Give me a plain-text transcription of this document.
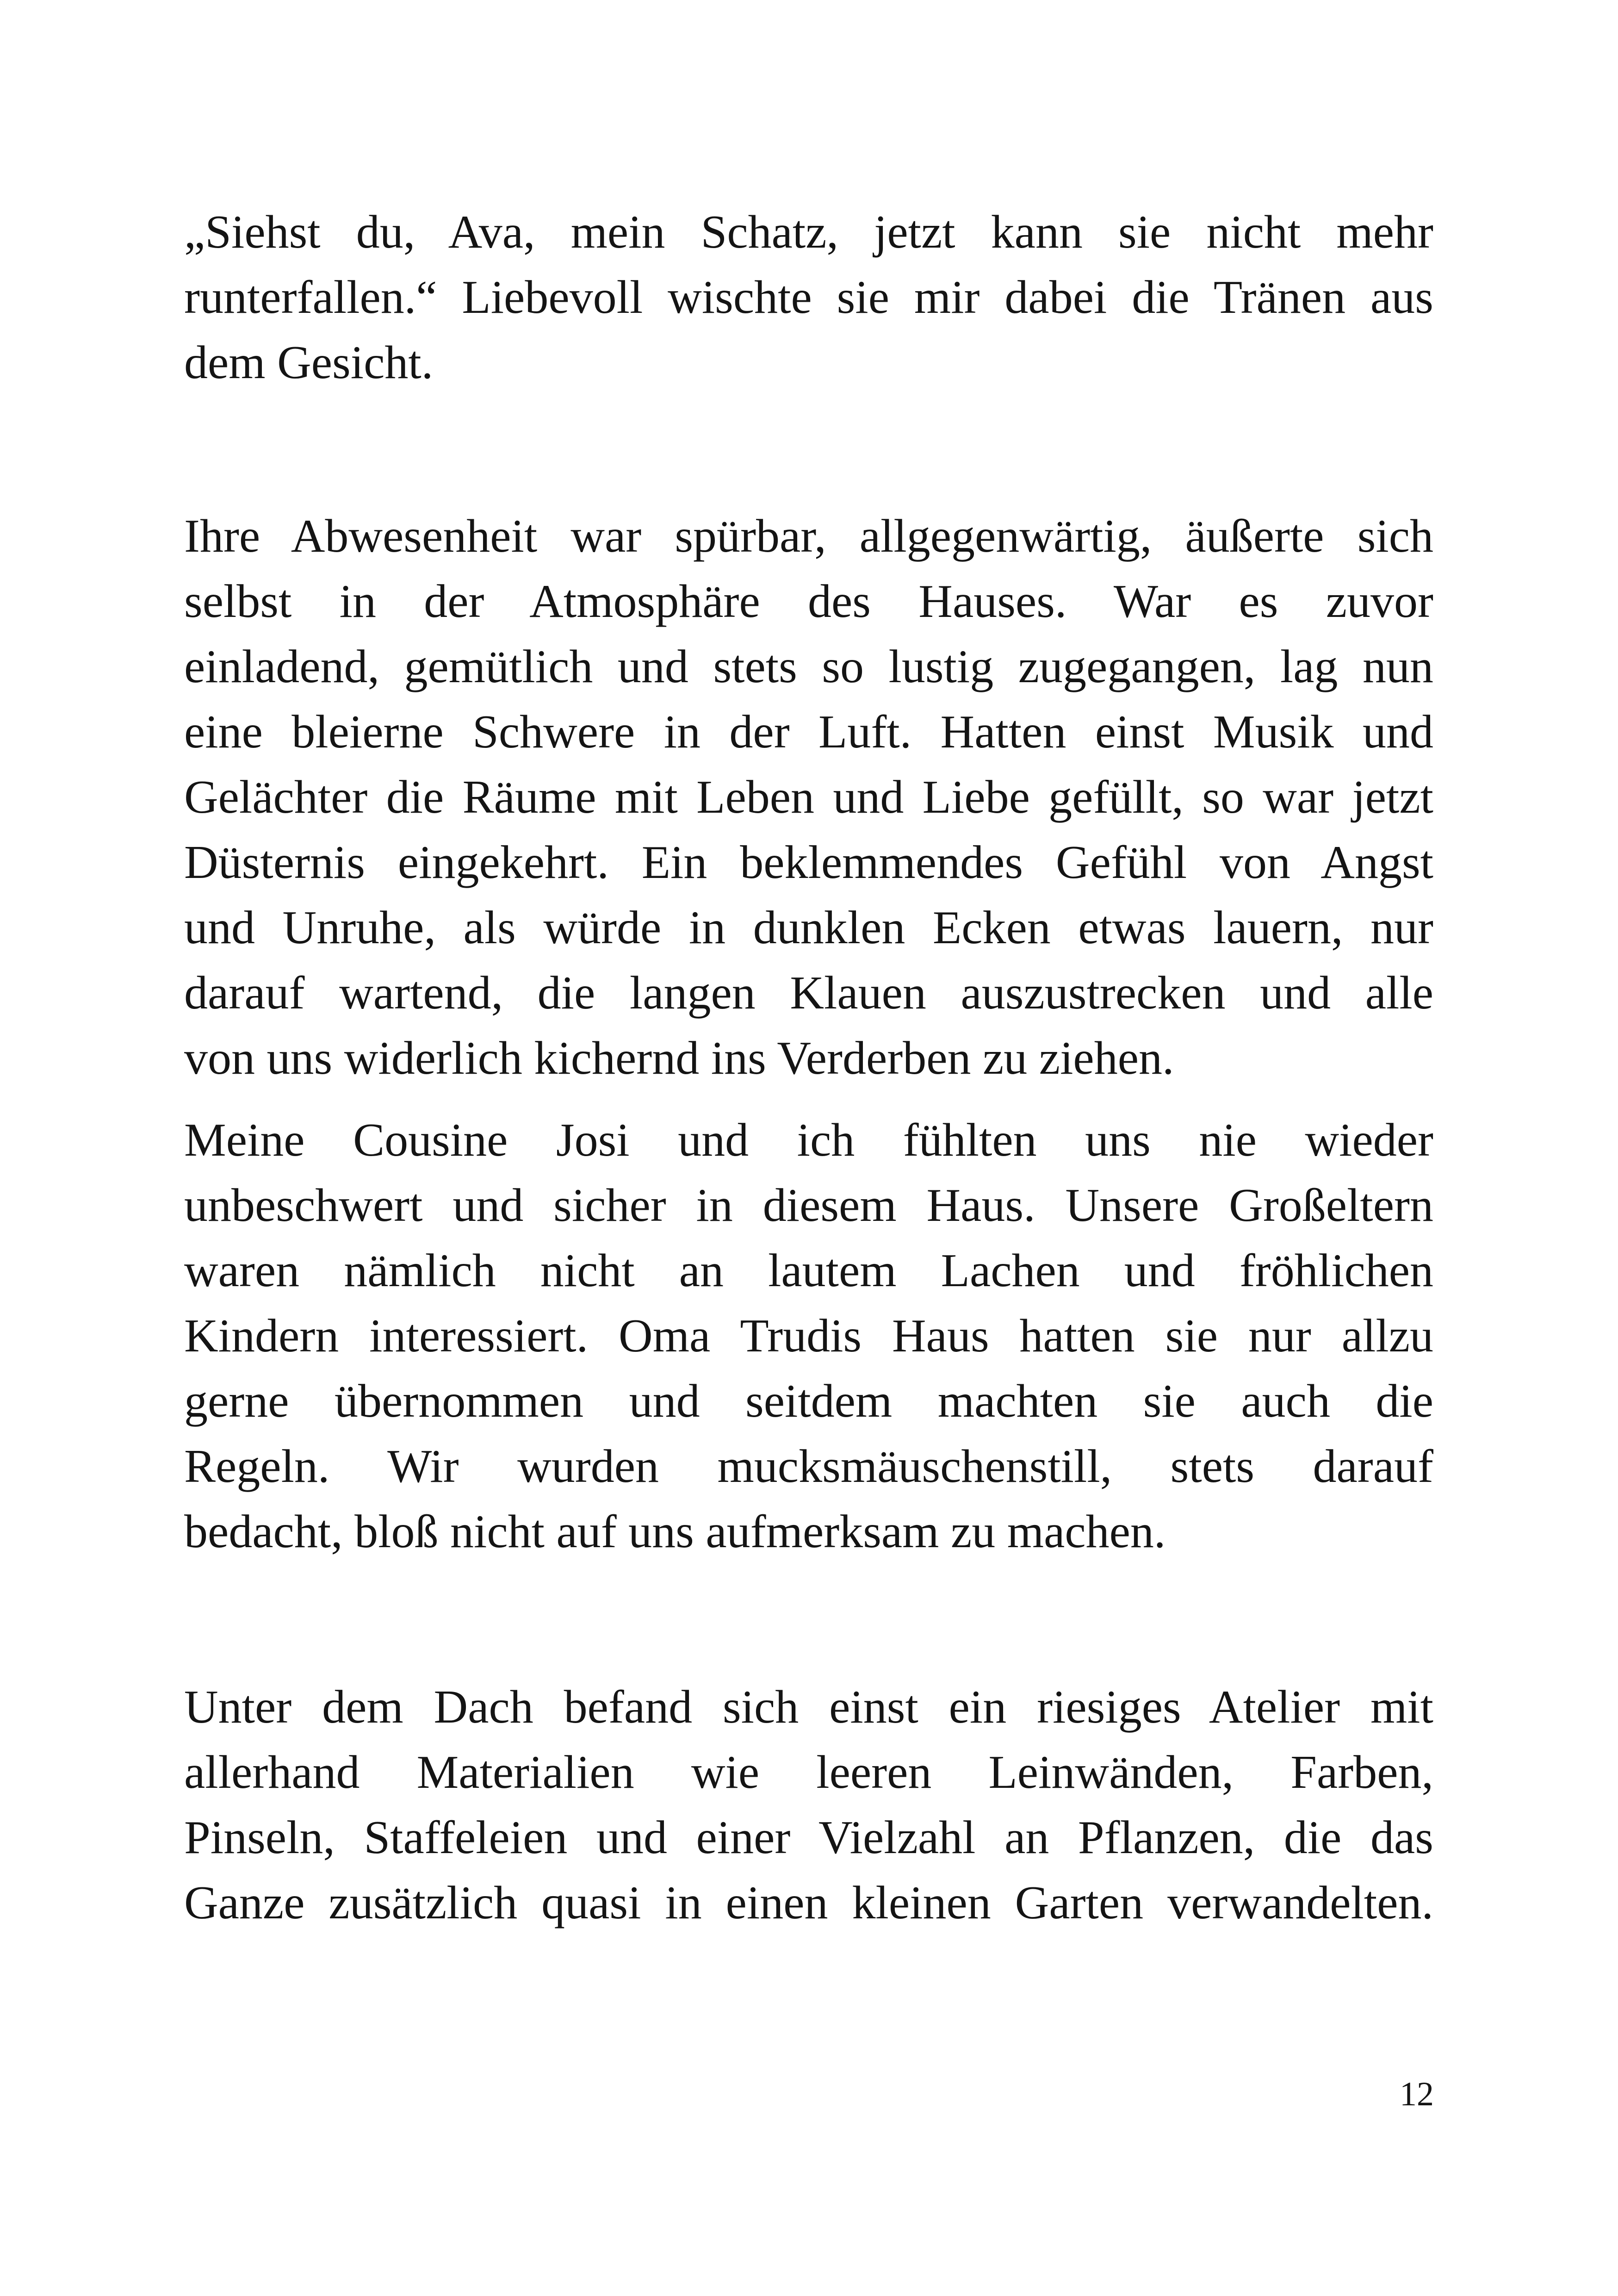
„Siehst du, Ava, mein Schatz, jetzt kann sie nicht mehr
runterfallen.“ Liebevoll wischte sie mir dabei die Tränen aus
dem Gesicht.

Ihre Abwesenheit war spürbar, allgegenwärtig, äußerte sich
selbst in der Atmosphäre des Hauses. War es zuvor
einladend, gemütlich und stets so lustig zugegangen, lag nun
eine bleierne Schwere in der Luft. Hatten einst Musik und
Gelächter die Räume mit Leben und Liebe gefüllt, so war jetzt
Düsternis eingekehrt. Ein beklemmendes Gefühl von Angst
und Unruhe, als würde in dunklen Ecken etwas lauern, nur
darauf wartend, die langen Klauen auszustrecken und alle
von uns widerlich kichernd ins Verderben zu ziehen.

Meine Cousine Josi und ich fühlten uns nie wieder
unbeschwert und sicher in diesem Haus. Unsere Großeltern
waren nämlich nicht an lautem Lachen und fröhlichen
Kindern interessiert. Oma Trudis Haus hatten sie nur allzu
gerne übernommen und seitdem machten sie auch die
Regeln. Wir wurden mucksmäuschenstill, stets darauf
bedacht, bloß nicht auf uns aufmerksam zu machen.

Unter dem Dach befand sich einst ein riesiges Atelier mit
allerhand Materialien wie leeren Leinwänden, Farben,
Pinseln, Staffeleien und einer Vielzahl an Pflanzen, die das
Ganze zusätzlich quasi in einen kleinen Garten verwandelten.

12
